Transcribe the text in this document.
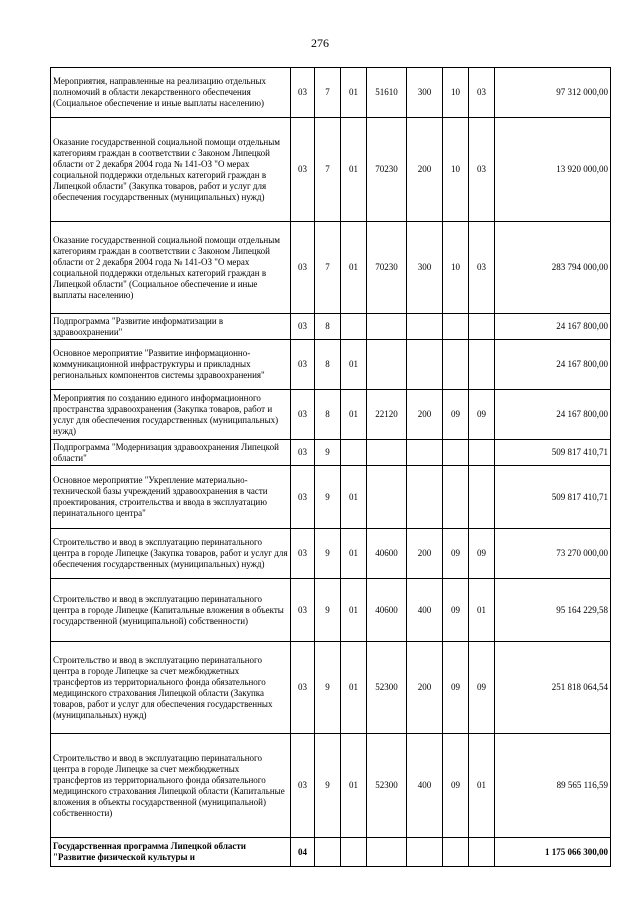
276
Мероприятия, направленные на реализацию отдельных полномочий в области лекарственного обеспечения (Социальное обеспечение и иные выплаты населению)	03	7	01	51610	300	10	03	97 312 000,00
Оказание государственной социальной помощи отдельным категориям граждан в соответствии с Законом Липецкой области от 2 декабря 2004 года № 141-ОЗ "О мерах социальной поддержки отдельных категорий граждан в Липецкой области" (Закупка товаров, работ и услуг для обеспечения государственных (муниципальных) нужд)	03	7	01	70230	200	10	03	13 920 000,00
Оказание государственной социальной помощи отдельным категориям граждан в соответствии с Законом Липецкой области от 2 декабря 2004 года № 141-ОЗ "О мерах социальной поддержки отдельных категорий граждан в Липецкой области" (Социальное обеспечение и иные выплаты населению)	03	7	01	70230	300	10	03	283 794 000,00
Подпрограмма "Развитие информатизации в здравоохранении"	03	8						24 167 800,00
Основное мероприятие "Развитие информационно-коммуникационной инфраструктуры и прикладных региональных компонентов системы здравоохранения"	03	8	01					24 167 800,00
Мероприятия по созданию единого информационного пространства здравоохранения (Закупка товаров, работ и услуг для обеспечения государственных (муниципальных) нужд)	03	8	01	22120	200	09	09	24 167 800,00
Подпрограмма "Модернизация здравоохранения Липецкой области"	03	9						509 817 410,71
Основное мероприятие "Укрепление материально-технической базы учреждений здравоохранения в части проектирования, строительства и ввода в эксплуатацию перинатального центра"	03	9	01					509 817 410,71
Строительство и ввод в эксплуатацию перинатального центра в городе Липецке (Закупка товаров, работ и услуг для обеспечения государственных (муниципальных) нужд)	03	9	01	40600	200	09	09	73 270 000,00
Строительство и ввод в эксплуатацию перинатального центра в городе Липецке (Капитальные вложения в объекты государственной (муниципальной) собственности)	03	9	01	40600	400	09	01	95 164 229,58
Строительство и ввод в эксплуатацию перинатального центра в городе Липецке за счет межбюджетных трансфертов из территориального фонда обязательного медицинского страхования Липецкой области (Закупка товаров, работ и услуг для обеспечения государственных (муниципальных) нужд)	03	9	01	52300	200	09	09	251 818 064,54
Строительство и ввод в эксплуатацию перинатального центра в городе Липецке за счет межбюджетных трансфертов из территориального фонда обязательного медицинского страхования Липецкой области (Капитальные вложения в объекты государственной (муниципальной) собственности)	03	9	01	52300	400	09	01	89 565 116,59
Государственная программа Липецкой области "Развитие физической культуры и	04							1 175 066 300,00
